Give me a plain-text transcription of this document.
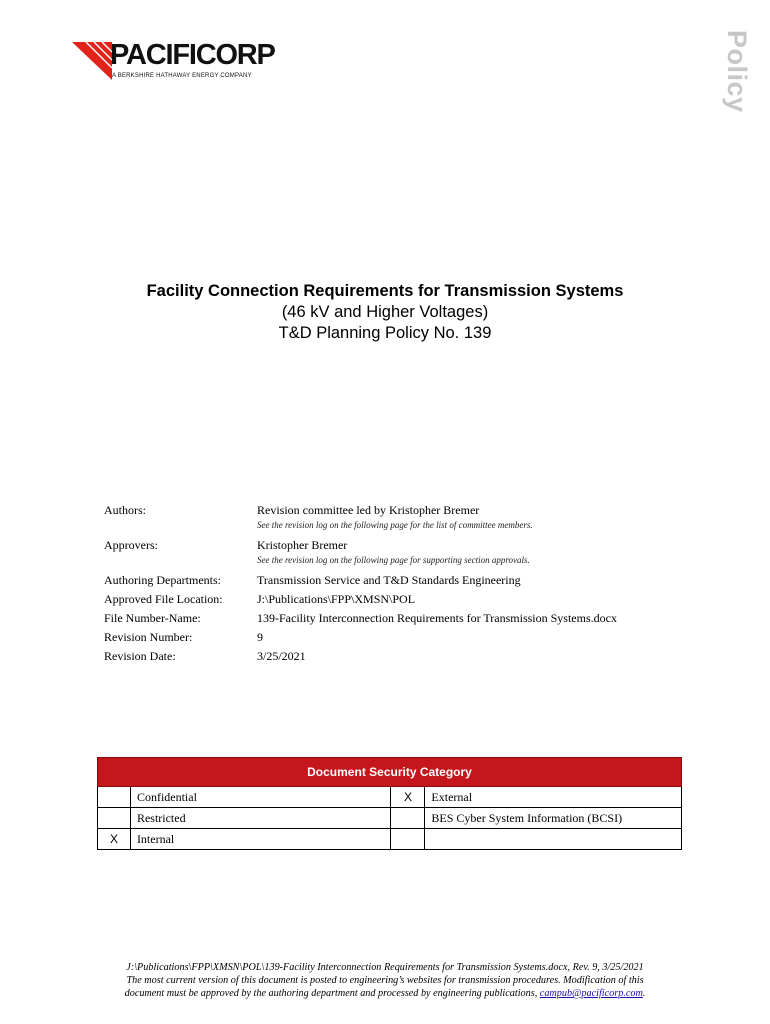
PACIFICORP
A BERKSHIRE HATHAWAY ENERGY COMPANY	Policy
Facility Connection Requirements for Transmission Systems
(46 kV and Higher Voltages)
T&D Planning Policy No. 139
Authors:	Revision committee led by Kristopher Bremer
See the revision log on the following page for the list of committee members.
Approvers:	Kristopher Bremer
See the revision log on the following page for supporting section approvals.
Authoring Departments:	Transmission Service and T&D Standards Engineering
Approved File Location:	J:\Publications\FPP\XMSN\POL
File Number-Name:	139-Facility Interconnection Requirements for Transmission Systems.docx
Revision Number:	9
Revision Date:	3/25/2021
Document Security Category			
	Confidential	X	External
	Restricted		BES Cyber System Information (BCSI)
X	Internal		
J:\Publications\FPP\XMSN\POL\139-Facility Interconnection Requirements for Transmission Systems.docx, Rev. 9, 3/25/2021
The most current version of this document is posted to engineering’s websites for transmission procedures. Modification of this
document must be approved by the authoring department and processed by engineering publications, campub@pacificorp.com.
